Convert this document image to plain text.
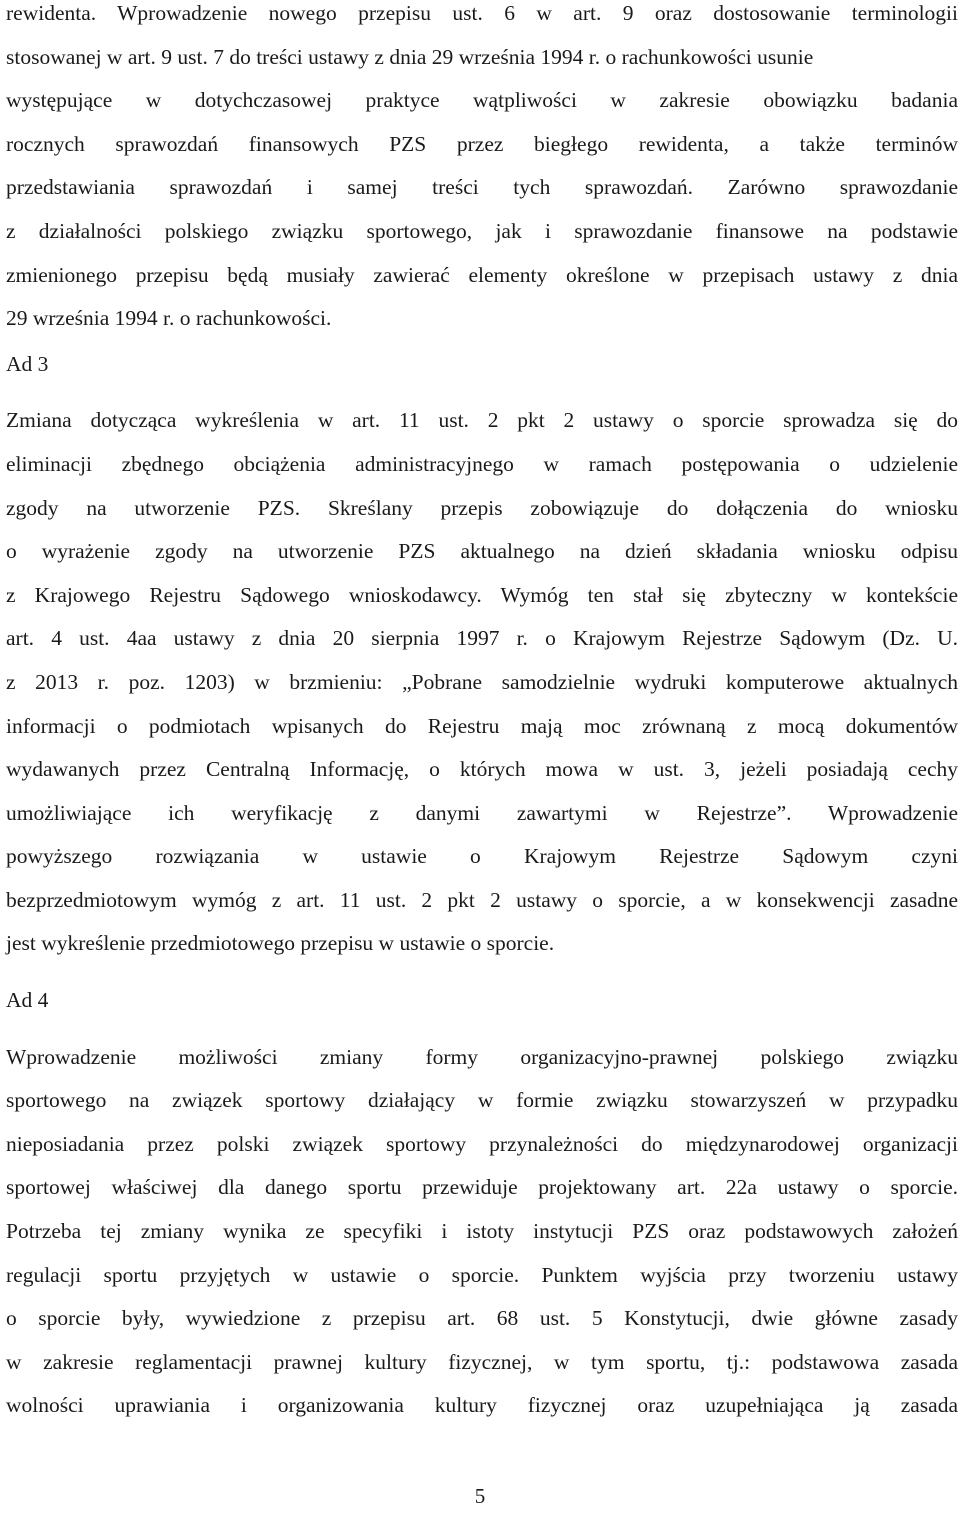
rewidenta. Wprowadzenie nowego przepisu ust. 6 w art. 9 oraz dostosowanie terminologii
stosowanej w art. 9 ust. 7 do treści ustawy z dnia 29 września 1994 r. o rachunkowości usunie
występujące w dotychczasowej praktyce wątpliwości w zakresie obowiązku badania
rocznych sprawozdań finansowych PZS przez biegłego rewidenta, a także terminów
przedstawiania sprawozdań i samej treści tych sprawozdań. Zarówno sprawozdanie
z działalności polskiego związku sportowego, jak i sprawozdanie finansowe na podstawie
zmienionego przepisu będą musiały zawierać elementy określone w przepisach ustawy z dnia
29 września 1994 r. o rachunkowości.
Ad 3
Zmiana dotycząca wykreślenia w art. 11 ust. 2 pkt 2 ustawy o sporcie sprowadza się do
eliminacji zbędnego obciążenia administracyjnego w ramach postępowania o udzielenie
zgody na utworzenie PZS. Skreślany przepis zobowiązuje do dołączenia do wniosku
o wyrażenie zgody na utworzenie PZS aktualnego na dzień składania wniosku odpisu
z Krajowego Rejestru Sądowego wnioskodawcy. Wymóg ten stał się zbyteczny w kontekście
art. 4 ust. 4aa ustawy z dnia 20 sierpnia 1997 r. o Krajowym Rejestrze Sądowym (Dz. U.
z 2013 r. poz. 1203) w brzmieniu: „Pobrane samodzielnie wydruki komputerowe aktualnych
informacji o podmiotach wpisanych do Rejestru mają moc zrównaną z mocą dokumentów
wydawanych przez Centralną Informację, o których mowa w ust. 3, jeżeli posiadają cechy
umożliwiające ich weryfikację z danymi zawartymi w Rejestrze”. Wprowadzenie
powyższego rozwiązania w ustawie o Krajowym Rejestrze Sądowym czyni
bezprzedmiotowym wymóg z art. 11 ust. 2 pkt 2 ustawy o sporcie, a w konsekwencji zasadne
jest wykreślenie przedmiotowego przepisu w ustawie o sporcie.
Ad 4
Wprowadzenie możliwości zmiany formy organizacyjno-prawnej polskiego związku
sportowego na związek sportowy działający w formie związku stowarzyszeń w przypadku
nieposiadania przez polski związek sportowy przynależności do międzynarodowej organizacji
sportowej właściwej dla danego sportu przewiduje projektowany art. 22a ustawy o sporcie.
Potrzeba tej zmiany wynika ze specyfiki i istoty instytucji PZS oraz podstawowych założeń
regulacji sportu przyjętych w ustawie o sporcie. Punktem wyjścia przy tworzeniu ustawy
o sporcie były, wywiedzione z przepisu art. 68 ust. 5 Konstytucji, dwie główne zasady
w zakresie reglamentacji prawnej kultury fizycznej, w tym sportu, tj.: podstawowa zasada
wolności uprawiania i organizowania kultury fizycznej oraz uzupełniająca ją zasada
5
